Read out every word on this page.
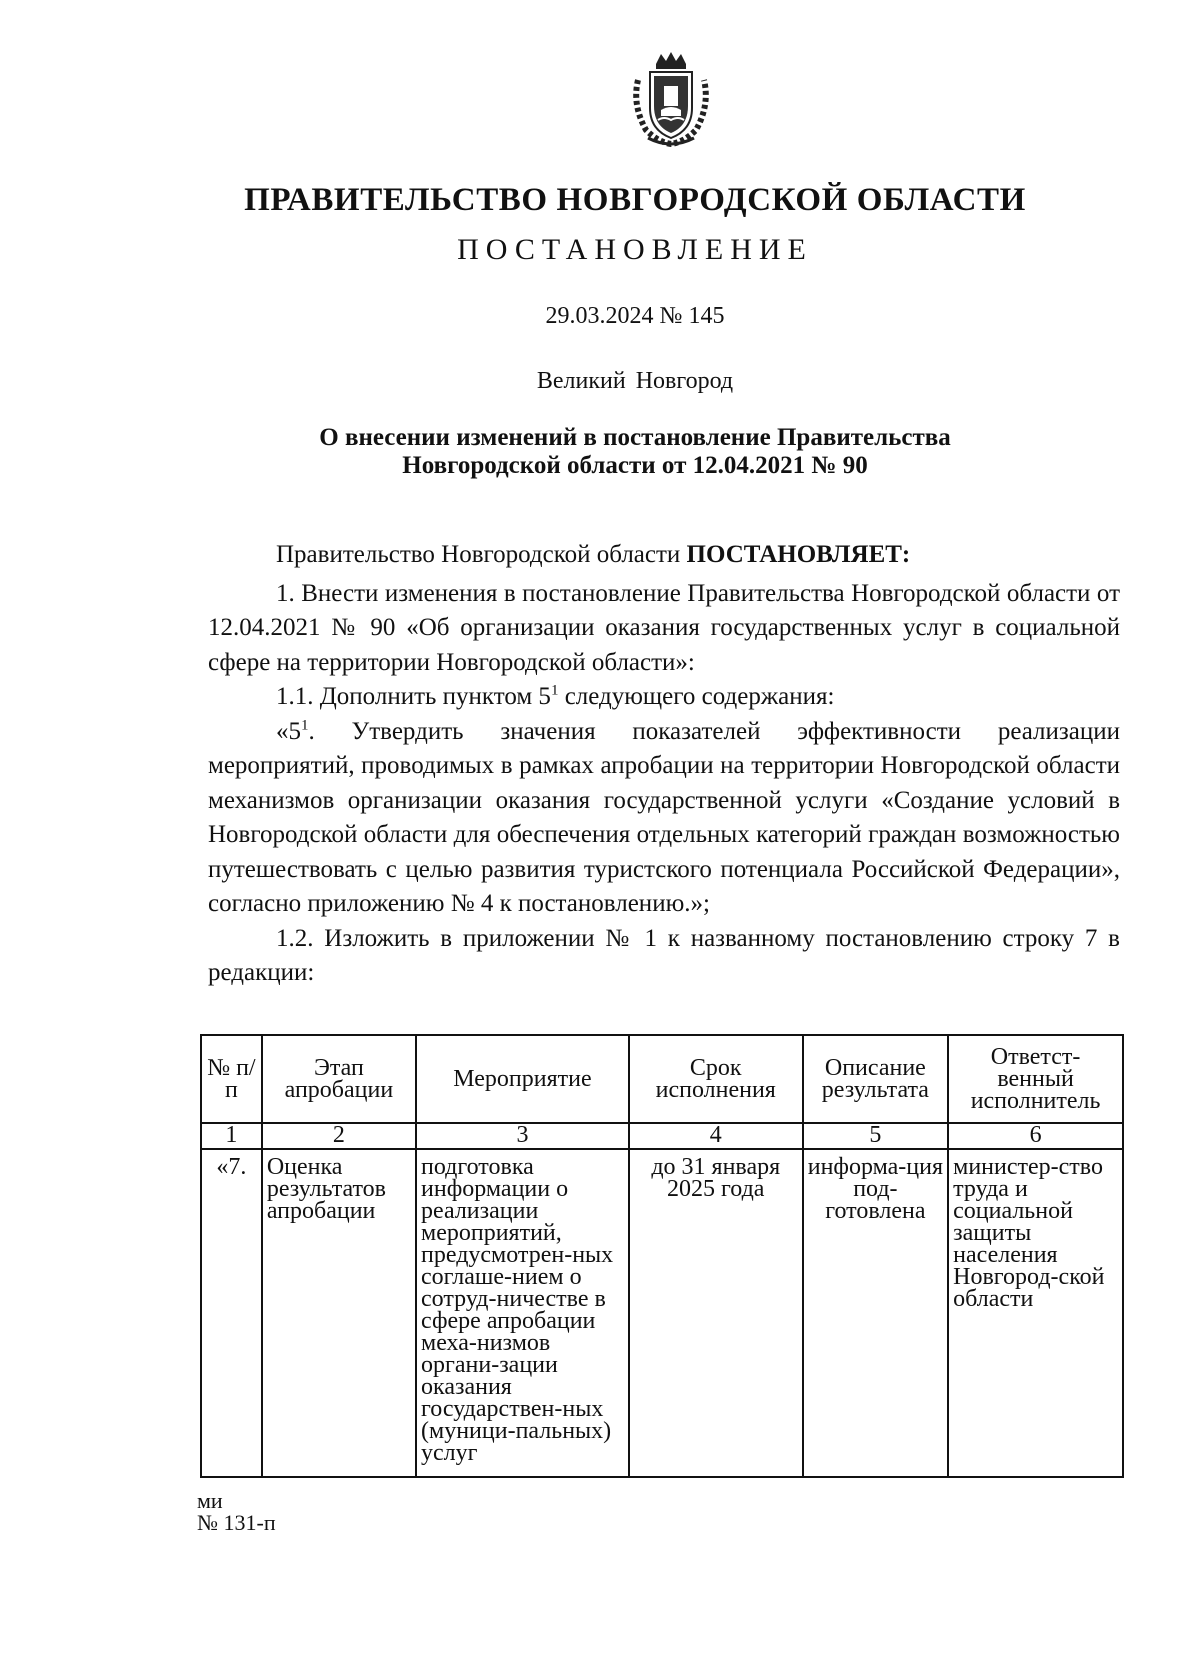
ПРАВИТЕЛЬСТВО НОВГОРОДСКОЙ ОБЛАСТИ
ПОСТАНОВЛЕНИЕ
29.03.2024 № 145
Великий Новгород
О внесении изменений в постановление Правительства
Новгородской области от 12.04.2021 № 90

Правительство Новгородской области ПОСТАНОВЛЯЕТ:

1. Внести изменения в постановление Правительства Новгородской области от 12.04.2021 № 90 «Об организации оказания государственных услуг в социальной сфере на территории Новгородской области»:

1.1. Дополнить пунктом $5^1$ следующего содержания:

«$5^1$. Утвердить значения показателей эффективности реализации мероприятий, проводимых в рамках апробации на территории Новгородской области механизмов организации оказания государственной услуги «Создание условий в Новгородской области для обеспечения отдельных категорий граждан возможностью путешествовать с целью развития туристского потенциала Российской Федерации», согласно приложению № 4 к постановлению.»;

1.2. Изложить в приложении № 1 к названному постановлению строку 7 в редакции:

№ п/п	Этап апробации	Мероприятие	Срок исполнения	Описание результата	Ответст-венный исполнитель
1	2	3	4	5	6
«7.	Оценка результатов апробации	подготовка информации о реализации мероприятий, предусмотрен-ных соглаше-нием о сотруд-ничестве в сфере апробации меха-низмов органи-зации оказания государствен-ных (муници-пальных) услуг	до 31 января 2025 года	информа-ция под-готовлена	министер-ство труда и социальной защиты населения Новгород-ской области
ми
№ 131-п
